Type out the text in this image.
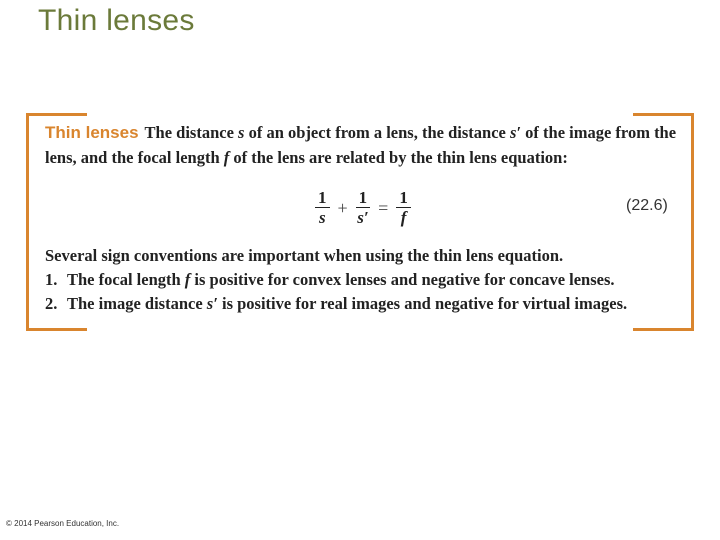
Thin lenses
Thin lenses The distance s of an object from a lens, the distance s′ of the image from the lens, and the focal length f of the lens are related by the thin lens equation:
$\frac{1}{s} + \frac{1}{s'} = \frac{1}{f}$	(22.6)
Several sign conventions are important when using the thin lens equation.
1. The focal length f is positive for convex lenses and negative for concave lenses.
2. The image distance s′ is positive for real images and negative for virtual images.
© 2014 Pearson Education, Inc.
